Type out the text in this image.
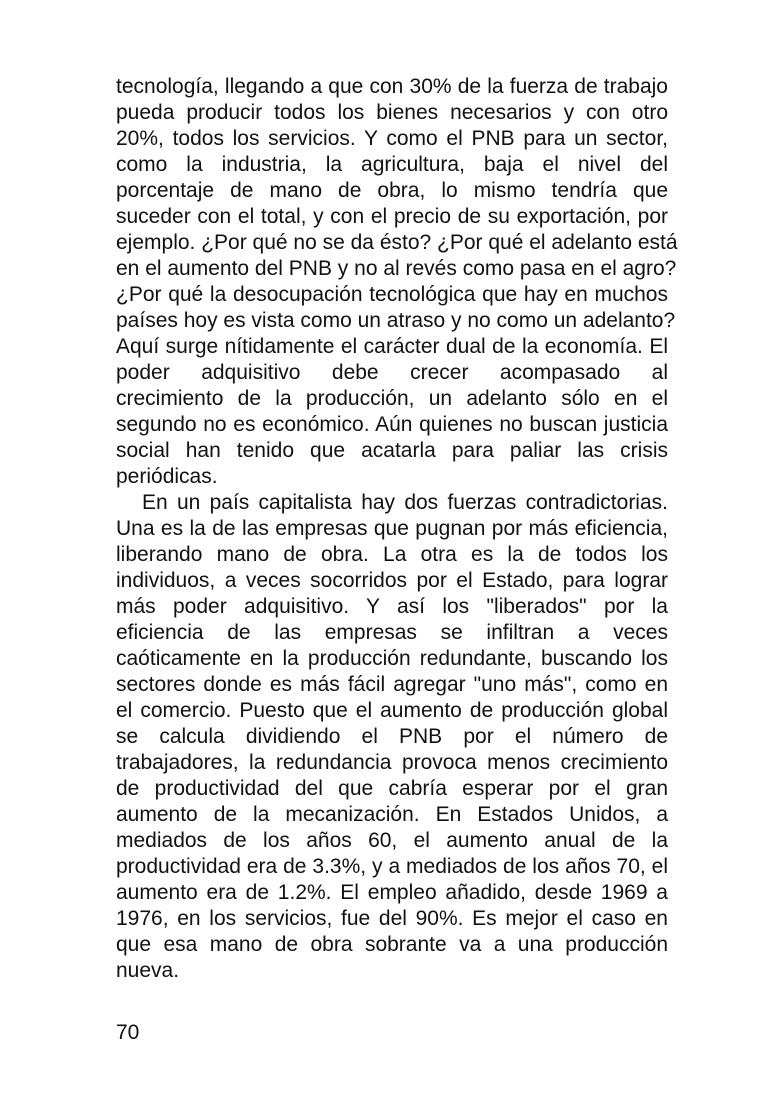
tecnología, llegando a que con 30% de la fuerza de trabajo
pueda producir todos los bienes necesarios y con otro
20%, todos los servicios. Y como el PNB para un sector,
como la industria, la agricultura, baja el nivel del
porcentaje de mano de obra, lo mismo tendría que
suceder con el total, y con el precio de su exportación, por
ejemplo. ¿Por qué no se da ésto? ¿Por qué el adelanto está
en el aumento del PNB y no al revés como pasa en el agro?
¿Por qué la desocupación tecnológica que hay en muchos
países hoy es vista como un atraso y no como un adelanto?
Aquí surge nítidamente el carácter dual de la economía. El
poder adquisitivo debe crecer acompasado al
crecimiento de la producción, un adelanto sólo en el
segundo no es económico. Aún quienes no buscan justicia
social han tenido que acatarla para paliar las crisis
periódicas.
En un país capitalista hay dos fuerzas contradictorias.
Una es la de las empresas que pugnan por más eficiencia,
liberando mano de obra. La otra es la de todos los
individuos, a veces socorridos por el Estado, para lograr
más poder adquisitivo. Y así los "liberados" por la
eficiencia de las empresas se infiltran a veces
caóticamente en la producción redundante, buscando los
sectores donde es más fácil agregar "uno más", como en
el comercio. Puesto que el aumento de producción global
se calcula dividiendo el PNB por el número de
trabajadores, la redundancia provoca menos crecimiento
de productividad del que cabría esperar por el gran
aumento de la mecanización. En Estados Unidos, a
mediados de los años 60, el aumento anual de la
productividad era de 3.3%, y a mediados de los años 70, el
aumento era de 1.2%. El empleo añadido, desde 1969 a
1976, en los servicios, fue del 90%. Es mejor el caso en
que esa mano de obra sobrante va a una producción
nueva.
70
